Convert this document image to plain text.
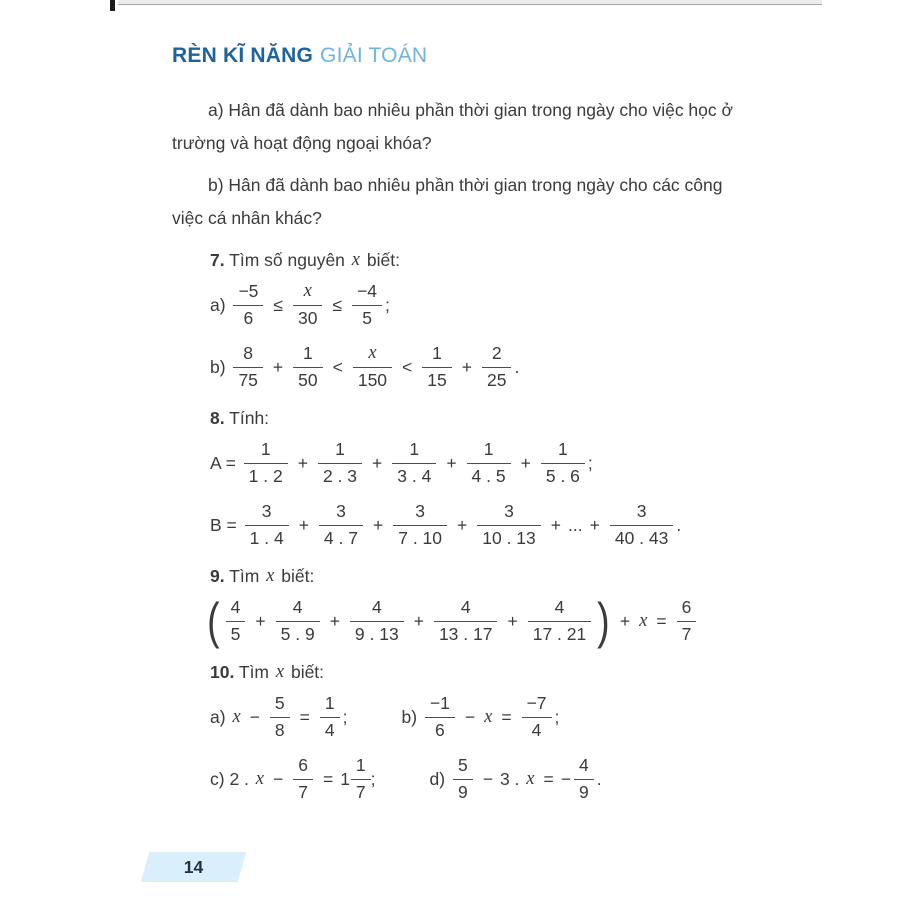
RÈN KĨ NĂNG GIẢI TOÁN

a) Hân đã dành bao nhiêu phần thời gian trong ngày cho việc học ở trường và hoạt động ngoại khóa?

b) Hân đã dành bao nhiêu phần thời gian trong ngày cho các công việc cá nhân khác?

7. Tìm số nguyên x biết:
$a) \frac{-5}{6} \le \frac{x}{30} \le \frac{-4}{5}$ ;
$b) \frac{8}{75} + \frac{1}{50} < \frac{x}{150} < \frac{1}{15} + \frac{2}{25}$ .
8. Tính:
$A = \frac{1}{1 . 2} + \frac{1}{2 . 3} + \frac{1}{3 . 4} + \frac{1}{4 . 5} + \frac{1}{5 . 6}$ ;
$B = \frac{3}{1 . 4} + \frac{3}{4 . 7} + \frac{3}{7 . 10} + \frac{3}{10 . 13}$ + ... + $\frac{3}{40 . 43}$ .
9. Tìm x biết:
( $\frac{4}{5} + \frac{4}{5 . 9} + \frac{4}{9 . 13} + \frac{4}{13 . 17} + \frac{4}{17 . 21}$ ) + $x = \frac{6}{7}$
10. Tìm x biết:
a) $x - \frac{5}{8} = \frac{1}{4}$ ;	$b) \frac{-1}{6} - x = \frac{-7}{4}$ ;
c) 2 . $x - \frac{6}{7} = 1 \frac{1}{7}$ ;	$d) \frac{5}{9} - 3$ . x = − $\frac{4}{9}$ .
14
